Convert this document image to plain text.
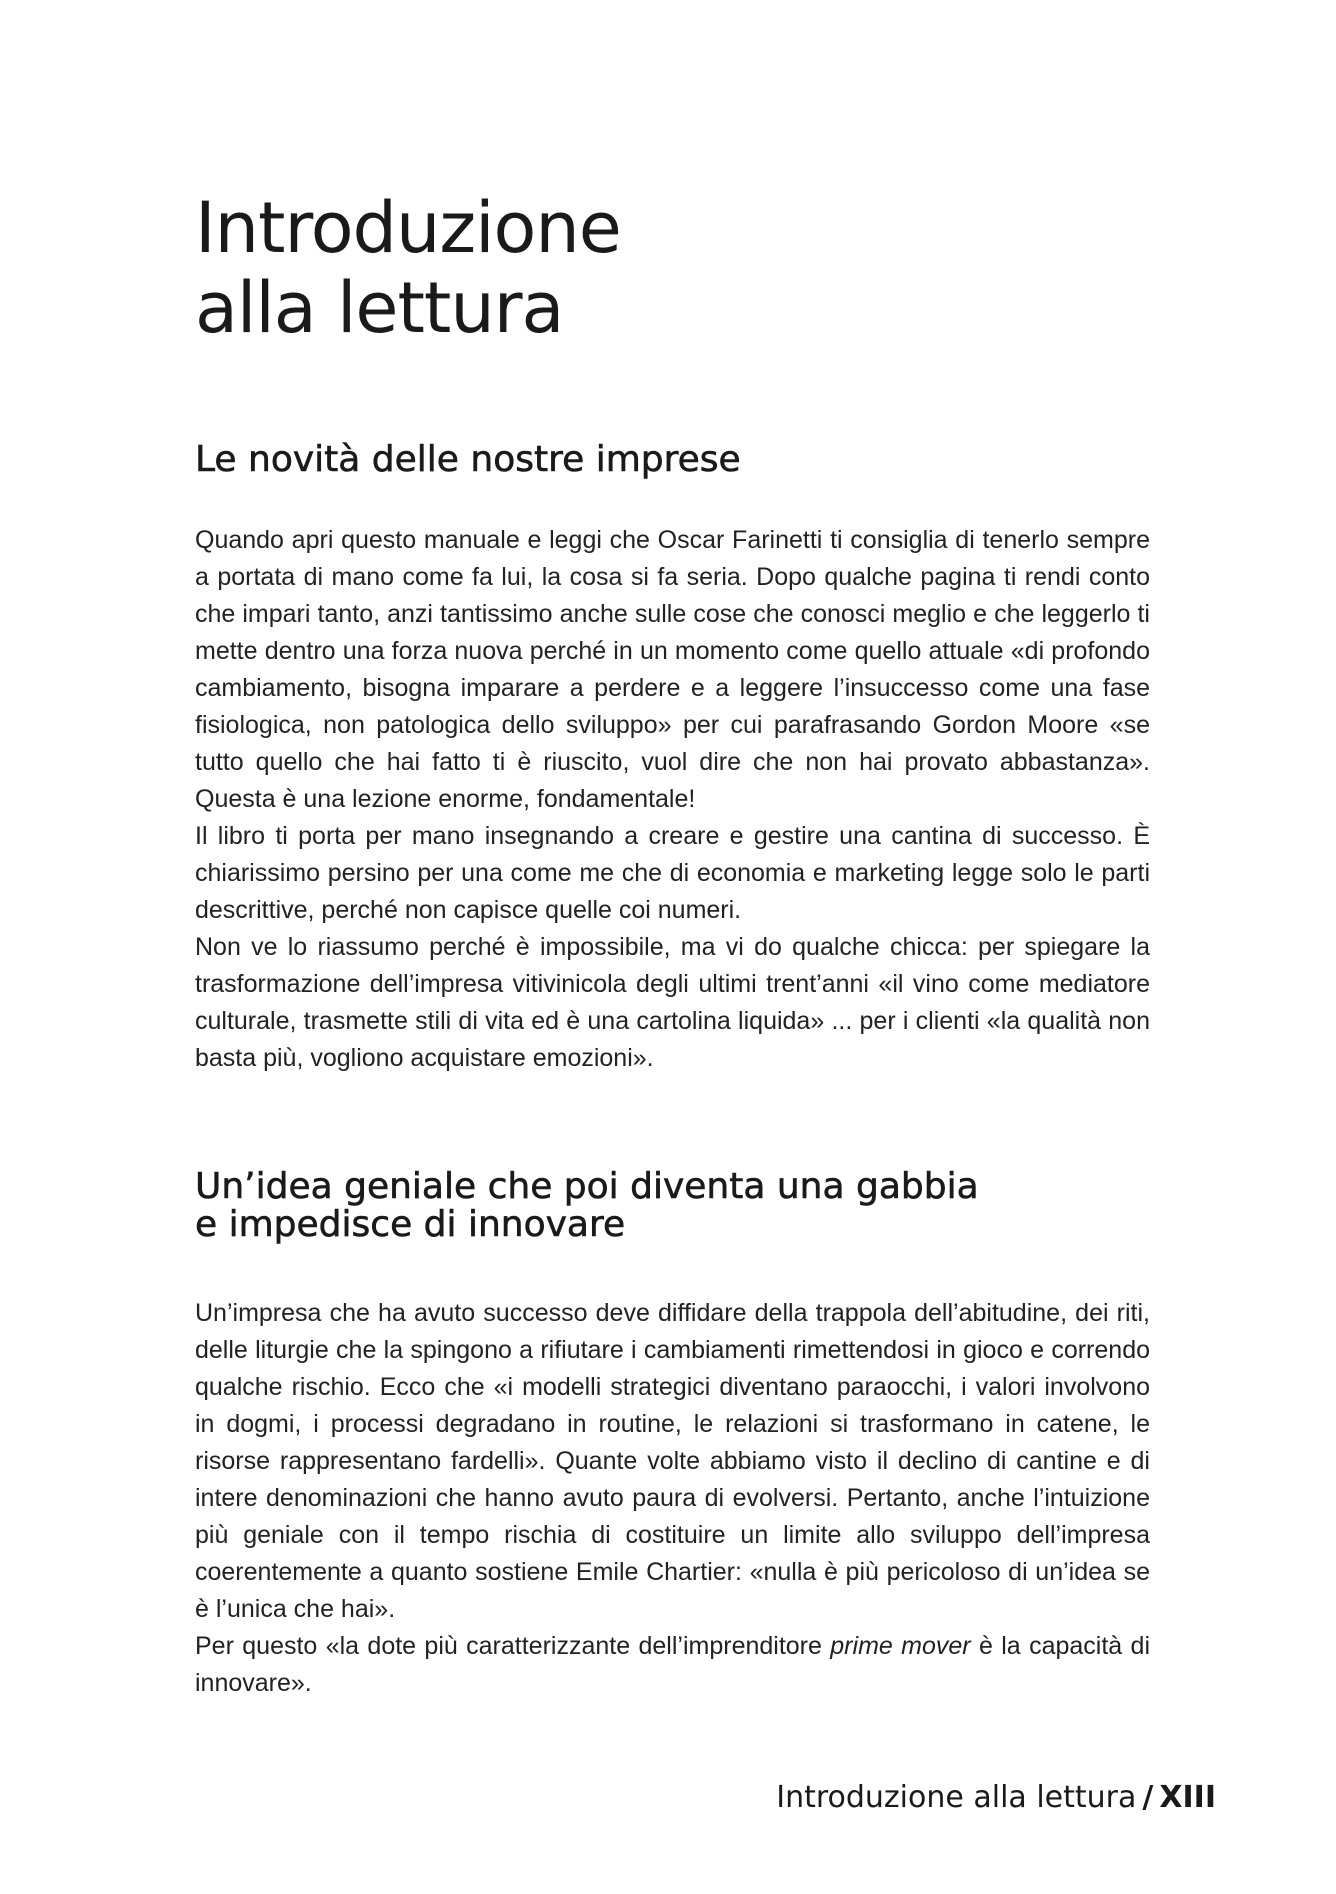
Introduzione
alla lettura
Le novità delle nostre imprese

Quando apri questo manuale e leggi che Oscar Farinetti ti consiglia di tenerlo sempre a portata di mano come fa lui, la cosa si fa seria. Dopo qualche pagina ti rendi conto che impari tanto, anzi tantissimo anche sulle cose che conosci meglio e che leggerlo ti mette dentro una forza nuova perché in un momento come quello attuale «di profondo cambiamento, bisogna imparare a perdere e a leggere l’insuccesso come una fase fisiologica, non patologica dello sviluppo» per cui parafrasando Gordon Moore «se tutto quello che hai fatto ti è riuscito, vuol dire che non hai provato abbastanza». Questa è una lezione enorme, fondamentale!

Il libro ti porta per mano insegnando a creare e gestire una cantina di successo. È chiarissimo persino per una come me che di economia e marketing legge solo le parti descrittive, perché non capisce quelle coi numeri.

Non ve lo riassumo perché è impossibile, ma vi do qualche chicca: per spiegare la trasformazione dell’impresa vitivinicola degli ultimi trent’anni «il vino come mediatore culturale, trasmette stili di vita ed è una cartolina liquida» ... per i clienti «la qualità non basta più, vogliono acquistare emozioni».

Un’idea geniale che poi diventa una gabbia
e impedisce di innovare

Un’impresa che ha avuto successo deve diffidare della trappola dell’abitudine, dei riti, delle liturgie che la spingono a rifiutare i cambiamenti rimettendosi in gioco e correndo qualche rischio. Ecco che «i modelli strategici diventano paraocchi, i valori involvono in dogmi, i processi degradano in routine, le relazioni si trasformano in catene, le risorse rappresentano fardelli». Quante volte abbiamo visto il declino di cantine e di intere denominazioni che hanno avuto paura di evolversi. Pertanto, anche l’intuizione più geniale con il tempo rischia di costituire un limite allo sviluppo dell’impresa coerentemente a quanto sostiene Emile Chartier: «nulla è più pericoloso di un’idea se è l’unica che hai».

Per questo «la dote più caratterizzante dell’imprenditore prime mover è la capacità di innovare».

Introduzione alla lettura / XIII
